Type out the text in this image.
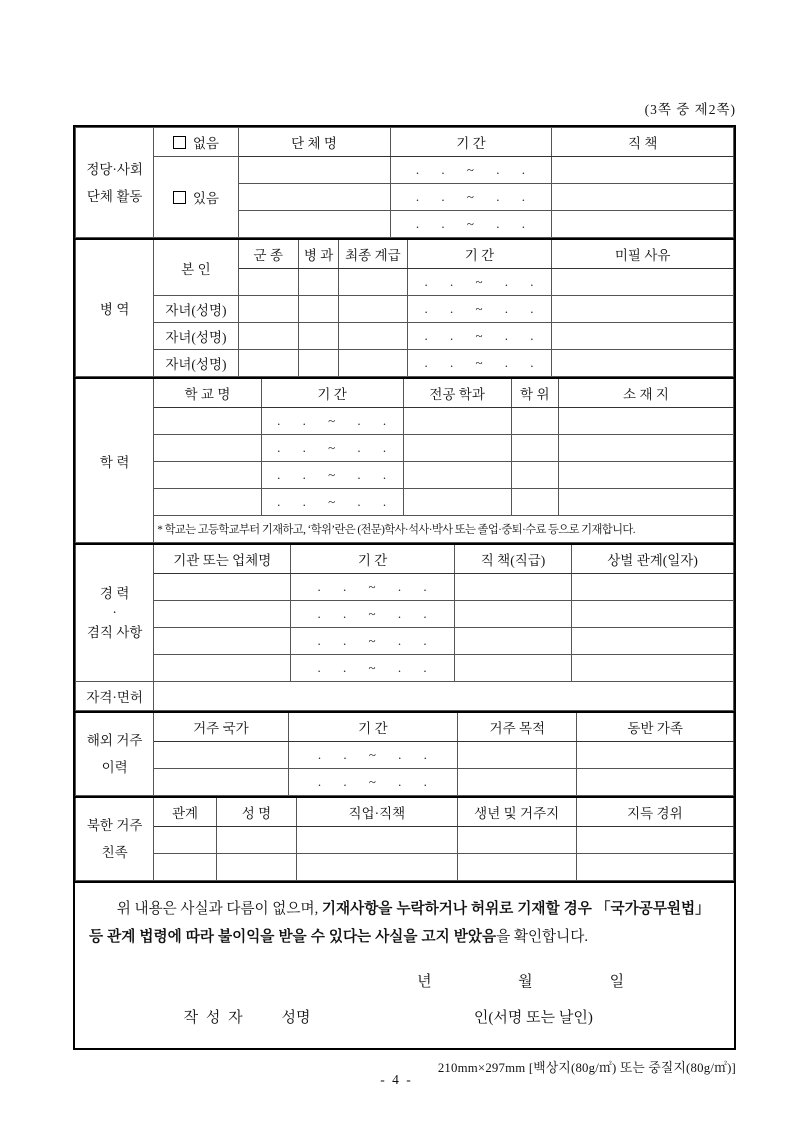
(3쪽 중 제2쪽)
정당·사회
단체 활동	없음	단 체 명	기 간	직 책
	있음		. . ~ . .	
			. . ~ . .	
			. . ~ . .	
병 역	본 인	군 종	병 과	최종 계급	기 간	미필 사유
					. . ~ . .	
	자녀(성명)				. . ~ . .	
	자녀(성명)				. . ~ . .	
	자녀(성명)				. . ~ . .	
학 력	학 교 명	기 간	전공 학과	학 위	소 재 지
		. . ~ . .			
		. . ~ . .			
		. . ~ . .			
		. . ~ . .			
	* 학교는 고등학교부터 기재하고, ‘학위’란은 (전문)학사·석사·박사 또는 졸업·중퇴·수료 등으로 기재합니다.				
경 력
·
겸직 사항	기관 또는 업체명	기 간	직 책(직급)	상벌 관계(일자)
		. . ~ . .		
		. . ~ . .		
		. . ~ . .		
		. . ~ . .		
자격·면허				
해외 거주
이력	거주 국가	기 간	거주 목적	동반 가족
		. . ~ . .		
		. . ~ . .		
북한 거주
친족	관계	성 명	직업·직책	생년 및 거주지	지득 경위

위 내용은 사실과 다름이 없으며, 기재사항을 누락하거나 허위로 기재할 경우 「국가공무원법」 등 관계 법령에 따라 불이익을 받을 수 있다는 사실을 고지 받았음을 확인합니다.

년	월	일
작 성 자 성명	인(서명 또는 날인)
210mm×297mm [백상지(80g/㎡) 또는 중질지(80g/㎡)]
- 4 -
